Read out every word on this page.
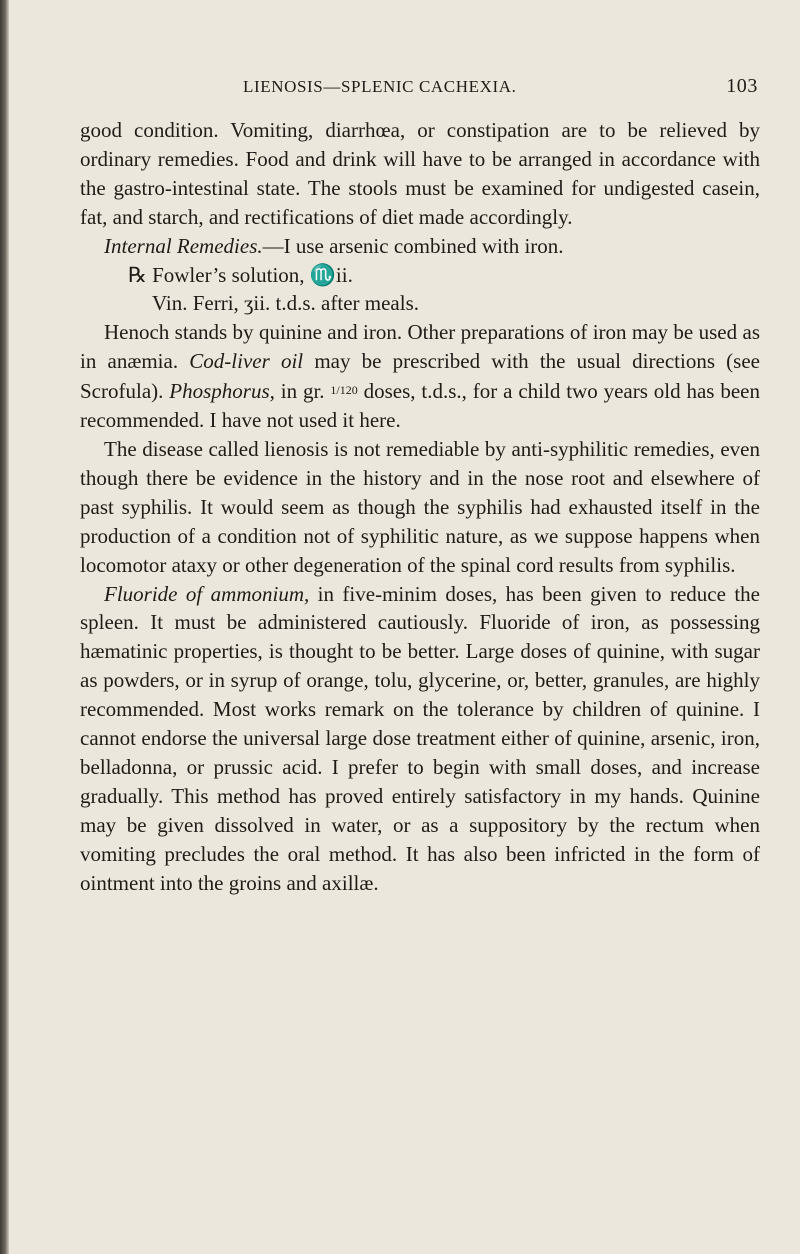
LIENOSIS—SPLENIC CACHEXIA.	103

good condition. Vomiting, diarrhœa, or constipation are to be relieved by ordinary remedies. Food and drink will have to be arranged in accordance with the gastro-intestinal state. The stools must be examined for undigested casein, fat, and starch, and rectifications of diet made accordingly.

Internal Remedies.—I use arsenic combined with iron.

℞ Fowler’s solution, ♏ii.

Vin. Ferri, ʒii. t.d.s. after meals.

Henoch stands by quinine and iron. Other preparations of iron may be used as in anæmia. Cod-liver oil may be prescribed with the usual directions (see Scrofula). Phosphorus, in gr. 1/120 doses, t.d.s., for a child two years old has been recommended. I have not used it here.

The disease called lienosis is not remediable by anti-syphilitic remedies, even though there be evidence in the history and in the nose root and elsewhere of past syphilis. It would seem as though the syphilis had exhausted itself in the production of a condition not of syphilitic nature, as we suppose happens when locomotor ataxy or other degeneration of the spinal cord results from syphilis.

Fluoride of ammonium, in five-minim doses, has been given to reduce the spleen. It must be administered cautiously. Fluoride of iron, as possessing hæmatinic properties, is thought to be better. Large doses of quinine, with sugar as powders, or in syrup of orange, tolu, glycerine, or, better, granules, are highly recommended. Most works remark on the tolerance by children of quinine. I cannot endorse the universal large dose treatment either of quinine, arsenic, iron, belladonna, or prussic acid. I prefer to begin with small doses, and increase gradually. This method has proved entirely satisfactory in my hands. Quinine may be given dissolved in water, or as a suppository by the rectum when vomiting precludes the oral method. It has also been infricted in the form of ointment into the groins and axillæ.
